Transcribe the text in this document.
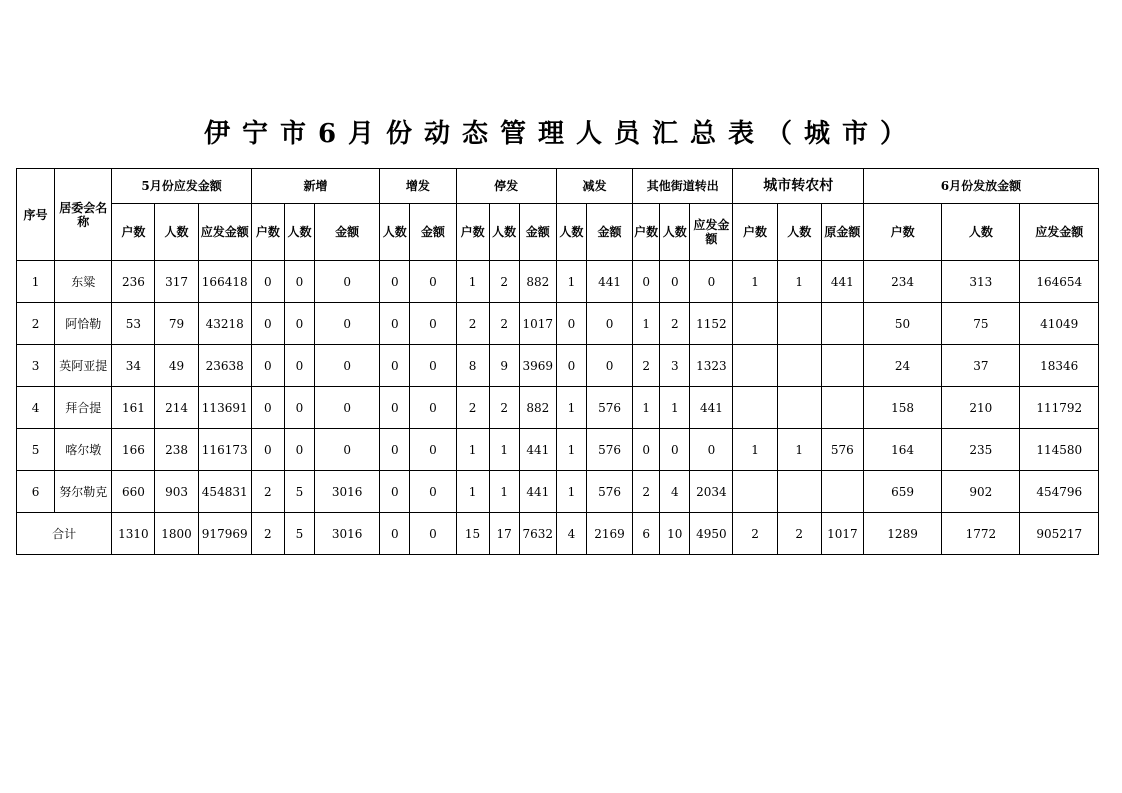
伊宁市6月份动态管理人员汇总表（城市）
序号	居委会名称	5月份应发金额			新增			增发		停发			减发		其他街道转出			城市转农村			6月份发放金额		
		户数	人数	应发金额	户数	人数	金额	人数	金额	户数	人数	金额	人数	金额	户数	人数	应发金额	户数	人数	原金额	户数	人数	应发金额
1	东粱	236	317	166418	0	0	0	0	0	1	2	882	1	441	0	0	0	1	1	441	234	313	164654
2	阿恰勒	53	79	43218	0	0	0	0	0	2	2	1017	0	0	1	2	1152				50	75	41049
3	英阿亚提	34	49	23638	0	0	0	0	0	8	9	3969	0	0	2	3	1323				24	37	18346
4	拜合提	161	214	113691	0	0	0	0	0	2	2	882	1	576	1	1	441				158	210	111792
5	喀尔墩	166	238	116173	0	0	0	0	0	1	1	441	1	576	0	0	0	1	1	576	164	235	114580
6	努尔勒克	660	903	454831	2	5	3016	0	0	1	1	441	1	576	2	4	2034				659	902	454796
合计		1310	1800	917969	2	5	3016	0	0	15	17	7632	4	2169	6	10	4950	2	2	1017	1289	1772	905217
